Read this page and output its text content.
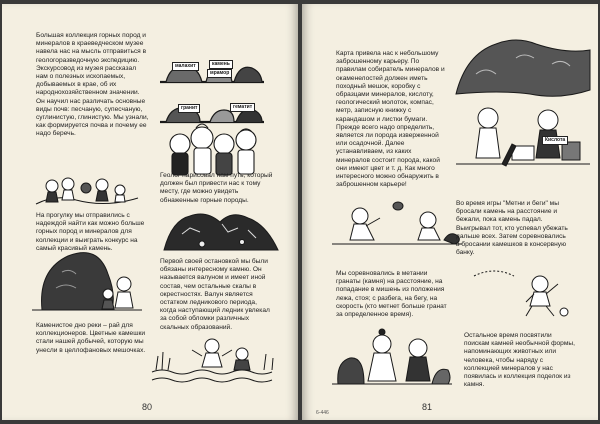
Большая коллекция горных пород и
минералов в краеведческом музее
навела нас на мысль отправиться в
геологоразведочную экспедицию.
Экскурсовод из музея рассказал
нам о полезных ископаемых,
добываемых в крае, об их
народнохозяйственном значении.
Он научил нас различать основные
виды почв: песчаную, супесчаную,
суглинистую, глинистую. Мы узнали,
как формируется почва и почему ее
надо беречь.
малахит	камень
мрамор
гранит	гематит
На прогулку мы отправились с
надеждой найти как можно больше
горных пород и минералов для
коллекции и выиграть конкурс на
самый красивый камень.
Геолог нарисовал нам путь, который
должен был привести нас к тому
месту, где можно увидеть
обнаженные горные породы.
Первой своей остановкой мы были
обязаны интересному камню. Он
называется валуном и имеет иной
состав, чем остальные скалы в
окрестностях. Валун является
остатком ледникового периода,
когда наступающий ледник увлекал
за собой обломки различных
скальных образований.
Каменистое дно реки – рай для
коллекционеров. Цветные камешки
стали нашей добычей, которую мы
унесли в целлофановых мешочках.
80
Карта привела нас к небольшому
заброшенному карьеру. По
правилам собиратель минералов и
окаменелостей должен иметь
походный мешок, коробку с
образцами минералов, кислоту,
геологический молоток, компас,
метр, записную книжку с
карандашом и листки бумаги.
Прежде всего надо определить,
является ли порода изверженной
или осадочной. Далее
устанавливаем, из каких
минералов состоит порода, какой
они имеют цвет и т. д. Как много
интересного можно обнаружить в
заброшенном карьере!
Кислота
Во время игры "Метни и беги" мы
бросали камень на расстояние и
бежали, пока камень падал.
Выигрывал тот, кто успевал убежать
дальше всех. Затем соревновались
в бросании камешков в консервную
банку.
Мы соревновались в метании
гранаты (камня) на расстояние, на
попадание в мишень из положения
лежа, стоя; с разбега, на бегу, на
скорость (кто метнет больше гранат
за определенное время).
Остальное время посвятили
поискам камней необычной формы,
напоминающих животных или
человека, чтобы наряду с
коллекцией минералов у нас
появилась и коллекция поделок из
камня.
6-446
81
